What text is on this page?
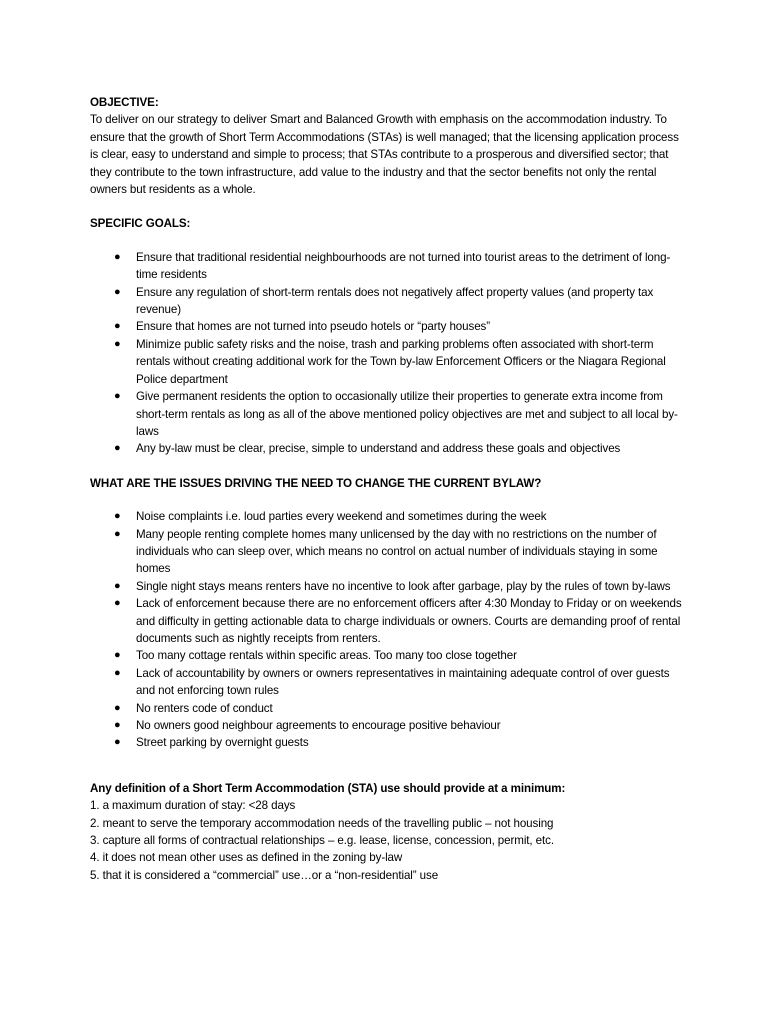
OBJECTIVE:

To deliver on our strategy to deliver Smart and Balanced Growth with emphasis on the accommodation industry. To ensure that the growth of Short Term Accommodations (STAs) is well managed; that the licensing application process is clear, easy to understand and simple to process; that STAs contribute to a prosperous and diversified sector; that they contribute to the town infrastructure, add value to the industry and that the sector benefits not only the rental owners but residents as a whole.

SPECIFIC GOALS:

● Ensure that traditional residential neighbourhoods are not turned into tourist areas to the detriment of long-time residents
● Ensure any regulation of short-term rentals does not negatively affect property values (and property tax revenue)
● Ensure that homes are not turned into pseudo hotels or “party houses”
● Minimize public safety risks and the noise, trash and parking problems often associated with short-term rentals without creating additional work for the Town by-law Enforcement Officers or the Niagara Regional Police department
● Give permanent residents the option to occasionally utilize their properties to generate extra income from short-term rentals as long as all of the above mentioned policy objectives are met and subject to all local by-laws
● Any by-law must be clear, precise, simple to understand and address these goals and objectives

WHAT ARE THE ISSUES DRIVING THE NEED TO CHANGE THE CURRENT BYLAW?

● Noise complaints i.e. loud parties every weekend and sometimes during the week
● Many people renting complete homes many unlicensed by the day with no restrictions on the number of individuals who can sleep over, which means no control on actual number of individuals staying in some homes
● Single night stays means renters have no incentive to look after garbage, play by the rules of town by-laws
● Lack of enforcement because there are no enforcement officers after 4:30 Monday to Friday or on weekends and difficulty in getting actionable data to charge individuals or owners. Courts are demanding proof of rental documents such as nightly receipts from renters.
● Too many cottage rentals within specific areas. Too many too close together
● Lack of accountability by owners or owners representatives in maintaining adequate control of over guests and not enforcing town rules
● No renters code of conduct
● No owners good neighbour agreements to encourage positive behaviour
● Street parking by overnight guests

Any definition of a Short Term Accommodation (STA) use should provide at a minimum:

1. a maximum duration of stay: <28 days
2. meant to serve the temporary accommodation needs of the travelling public – not housing
3. capture all forms of contractual relationships – e.g. lease, license, concession, permit, etc.
4. it does not mean other uses as defined in the zoning by-law
5. that it is considered a “commercial” use…or a “non-residential” use
